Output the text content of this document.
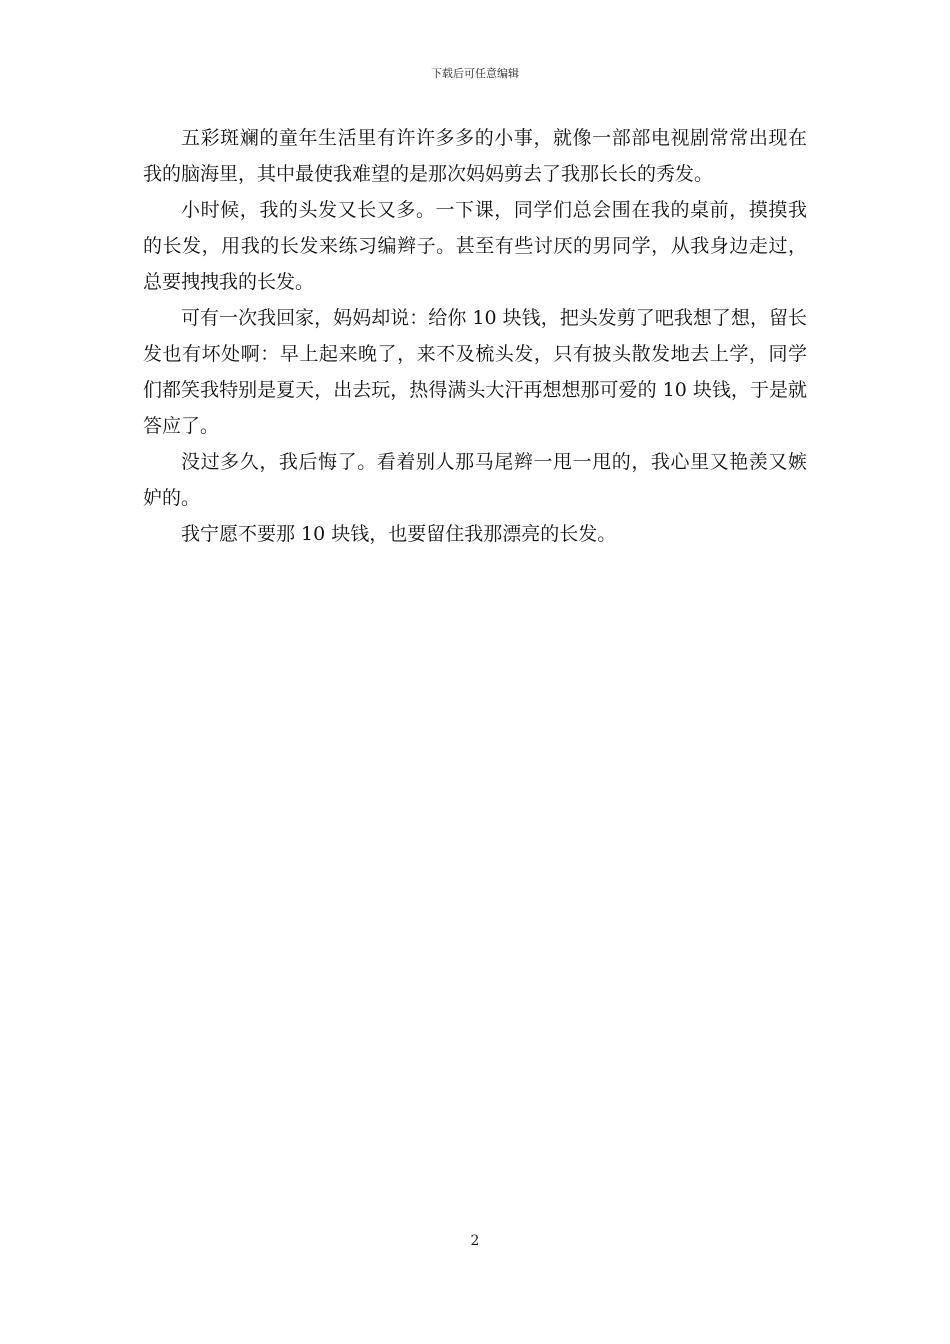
下载后可任意编辑

五彩斑斓的童年生活里有许许多多的小事，就像一部部电视剧常常出现在我的脑海里，其中最使我难望的是那次妈妈剪去了我那长长的秀发。

小时候，我的头发又长又多。一下课，同学们总会围在我的桌前，摸摸我的长发，用我的长发来练习编辫子。甚至有些讨厌的男同学，从我身边走过，总要拽拽我的长发。

可有一次我回家，妈妈却说：给你 10 块钱，把头发剪了吧我想了想，留长发也有坏处啊：早上起来晚了，来不及梳头发，只有披头散发地去上学，同学们都笑我特别是夏天，出去玩，热得满头大汗再想想那可爱的 10 块钱，于是就答应了。

没过多久，我后悔了。看着别人那马尾辫一甩一甩的，我心里又艳羡又嫉妒的。

我宁愿不要那 10 块钱，也要留住我那漂亮的长发。

2
